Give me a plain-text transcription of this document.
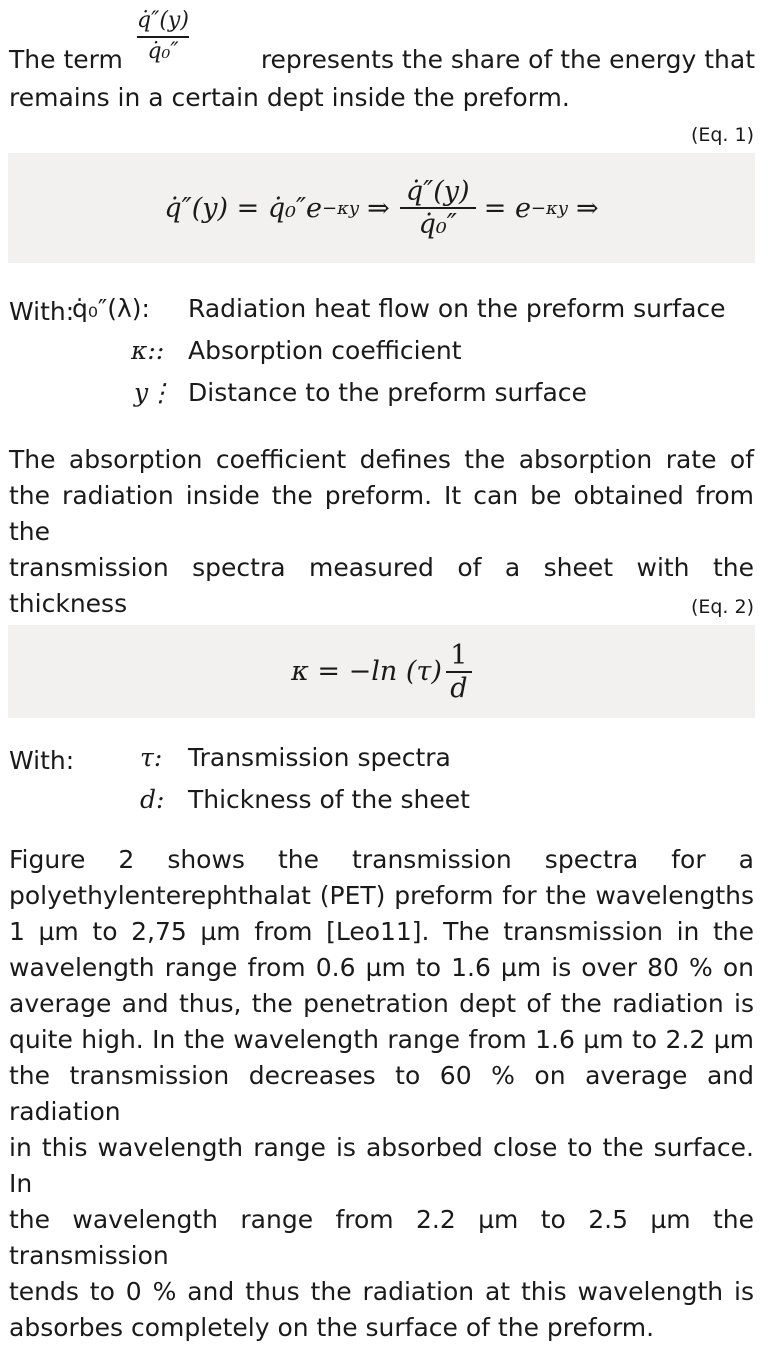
The term
q̇″(y)
q̇₀″	represents the share of the energy that
remains in a certain dept inside the preform.
(Eq. 1)
q̇″(y) = q̇₀″e −κy ⇒ $\frac{q̇''(y)}{\text{q̇₀″}} = e -\kappa y$ ⇒
With:
q̇₀″(λ): Radiation heat flow on the preform surface
κ:: Absorption coefficient
y⋮ Distance to the preform surface
The absorption coefficient defines the absorption rate of
the radiation inside the preform. It can be obtained from the
transmission spectra measured of a sheet with the thickness	(Eq. 2)
κ = −ln $(\tau) \frac{1}{d}$
With:	τ: Transmission spectra
d: Thickness of the sheet
Figure 2 shows the transmission spectra for a
polyethylenterephthalat (PET) preform for the wavelengths
1 µm to 2,75 µm from [Leo11]. The transmission in the
wavelength range from 0.6 µm to 1.6 µm is over 80 % on
average and thus, the penetration dept of the radiation is
quite high. In the wavelength range from 1.6 µm to 2.2 µm
the transmission decreases to 60 % on average and radiation
in this wavelength range is absorbed close to the surface. In
the wavelength range from 2.2 µm to 2.5 µm the transmission
tends to 0 % and thus the radiation at this wavelength is
absorbes completely on the surface of the preform.
